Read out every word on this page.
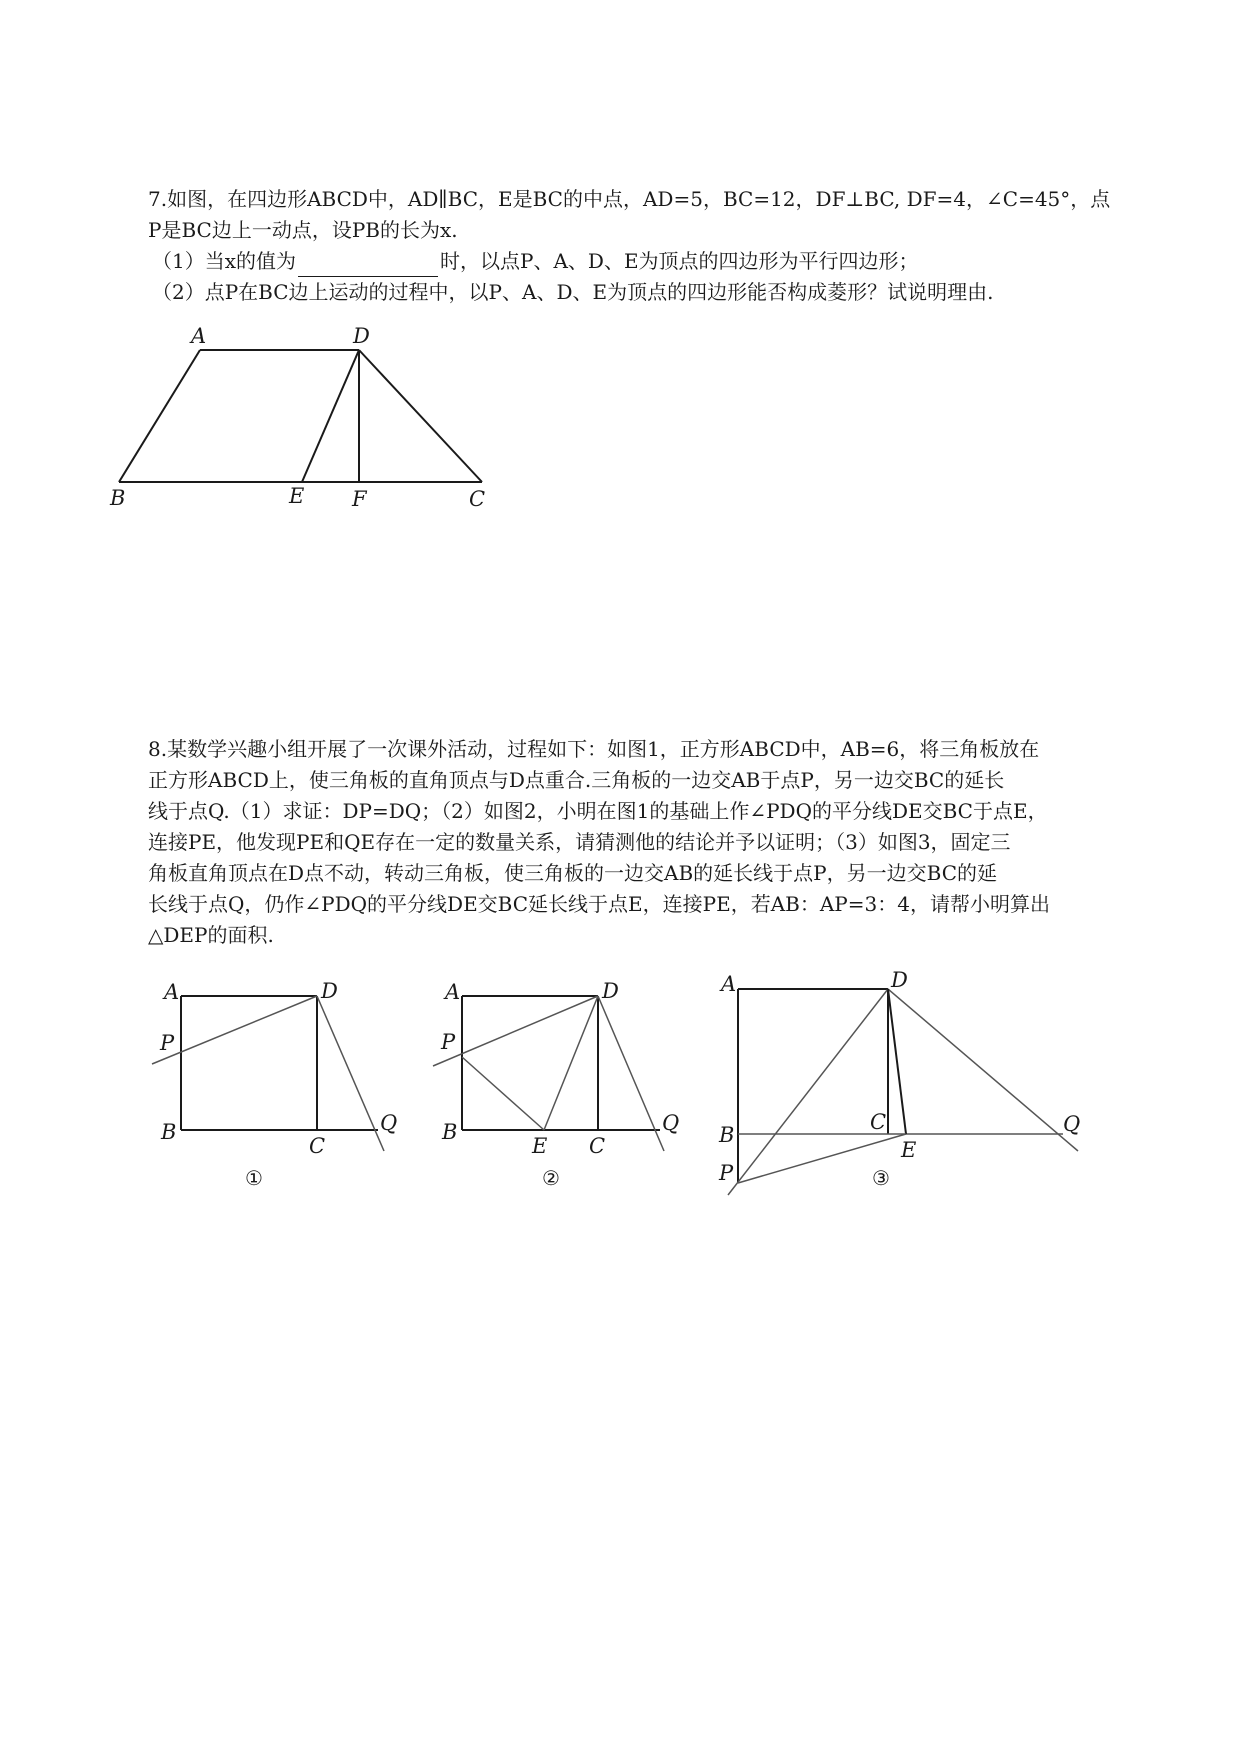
7.如图，在四边形ABCD中，AD∥BC，E是BC的中点，AD=5，BC=12，DF⊥BC, DF=4，∠C=45°，点
P是BC边上一动点，设PB的长为x.
（1）当x的值为	时，以点P、A、D、E为顶点的四边形为平行四边形；
（2）点P在BC边上运动的过程中，以P、A、D、E为顶点的四边形能否构成菱形？试说明理由.
A	D
B	E F	C
8.某数学兴趣小组开展了一次课外活动，过程如下：如图1，正方形ABCD中，AB=6，将三角板放在
正方形ABCD上，使三角板的直角顶点与D点重合.三角板的一边交AB于点P，另一边交BC的延长
线于点Q.（1）求证：DP=DQ；（2）如图2，小明在图1的基础上作∠PDQ的平分线DE交BC于点E，
连接PE，他发现PE和QE存在一定的数量关系，请猜测他的结论并予以证明；（3）如图3，固定三
角板直角顶点在D点不动，转动三角板，使三角板的一边交AB的延长线于点P，另一边交BC的延
长线于点Q，仍作∠PDQ的平分线DE交BC延长线于点E，连接PE，若AB：AP=3：4，请帮小明算出
△DEP的面积.
A	D
P
B
C
Q
①
A	D
P
B
E C
Q
②
A	D
B
C
E
Q
P	③
